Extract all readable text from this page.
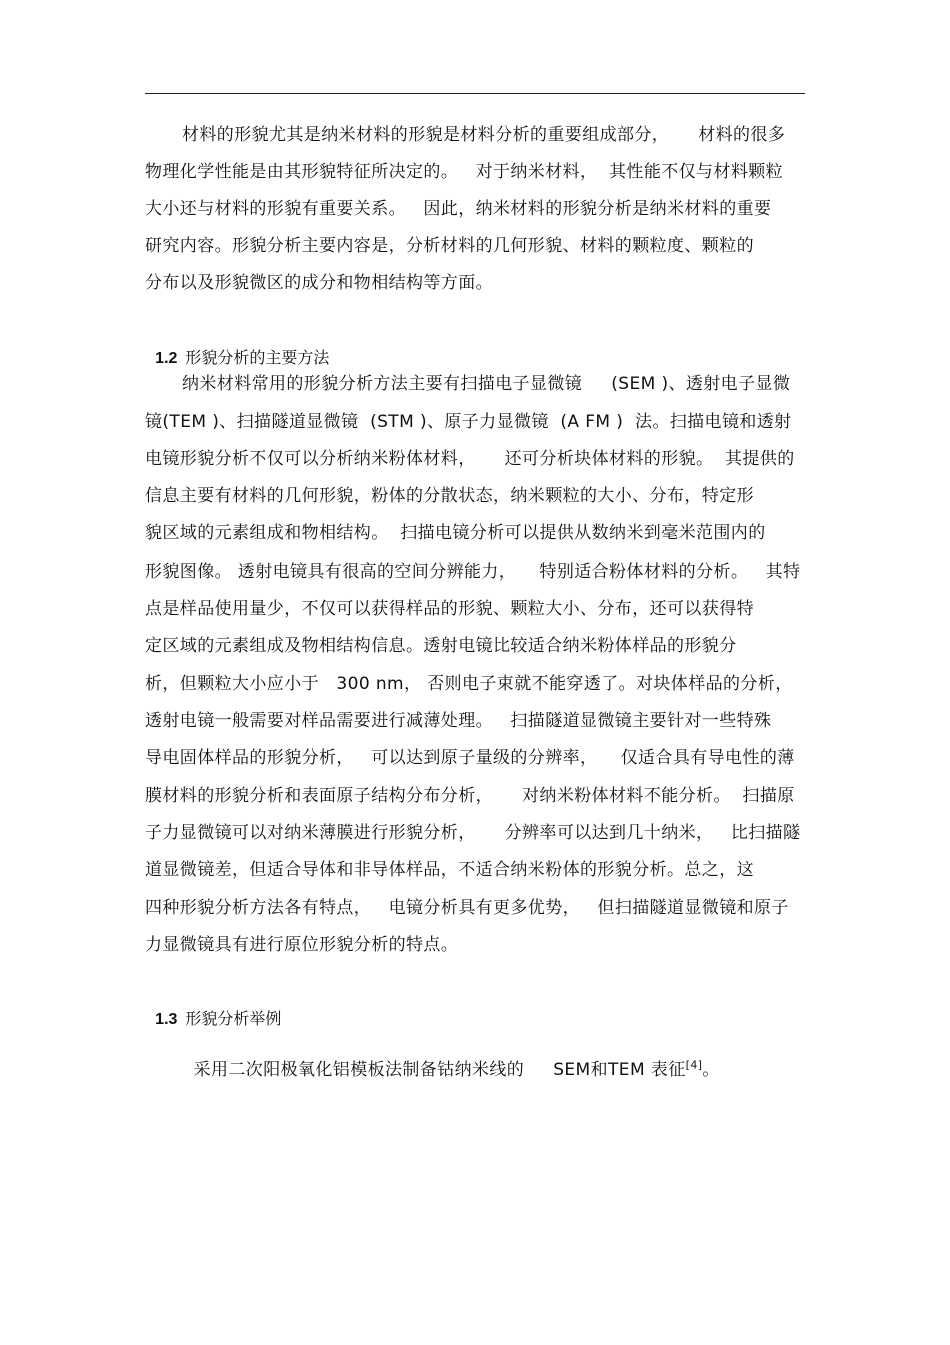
材料的形貌尤其是纳米材料的形貌是材料分析的重要组成部分，     材料的很多
物理化学性能是由其形貌特征所决定的。   对于纳米材料，  其性能不仅与材料颗粒
大小还与材料的形貌有重要关系。   因此，纳米材料的形貌分析是纳米材料的重要
研究内容。形貌分析主要内容是，分析材料的几何形貌、材料的颗粒度、颗粒的
分布以及形貌微区的成分和物相结构等方面。

1.2 形貌分析的主要方法

纳米材料常用的形貌分析方法主要有扫描电子显微镜     (SEM )、透射电子显微
镜(TEM )、扫描隧道显微镜  (STM )、原子力显微镜  (A FM )  法。扫描电镜和透射
电镜形貌分析不仅可以分析纳米粉体材料，     还可分析块体材料的形貌。  其提供的
信息主要有材料的几何形貌，粉体的分散状态，纳米颗粒的大小、分布，特定形
貌区域的元素组成和物相结构。  扫描电镜分析可以提供从数纳米到毫米范围内的
形貌图像。 透射电镜具有很高的空间分辨能力，    特别适合粉体材料的分析。   其特
点是样品使用量少，不仅可以获得样品的形貌、颗粒大小、分布，还可以获得特
定区域的元素组成及物相结构信息。透射电镜比较适合纳米粉体样品的形貌分
析，但颗粒大小应小于   300 nm， 否则电子束就不能穿透了。对块体样品的分析，
透射电镜一般需要对样品需要进行减薄处理。   扫描隧道显微镜主要针对一些特殊
导电固体样品的形貌分析，   可以达到原子量级的分辨率，    仅适合具有导电性的薄
膜材料的形貌分析和表面原子结构分布分析，     对纳米粉体材料不能分析。  扫描原
子力显微镜可以对纳米薄膜进行形貌分析，     分辨率可以达到几十纳米，   比扫描隧
道显微镜差，但适合导体和非导体样品，不适合纳米粉体的形貌分析。总之，这
四种形貌分析方法各有特点，   电镜分析具有更多优势，   但扫描隧道显微镜和原子
力显微镜具有进行原位形貌分析的特点。

1.3 形貌分析举例

采用二次阳极氧化铝模板法制备钴纳米线的     SEM和TEM 表征[4]。
